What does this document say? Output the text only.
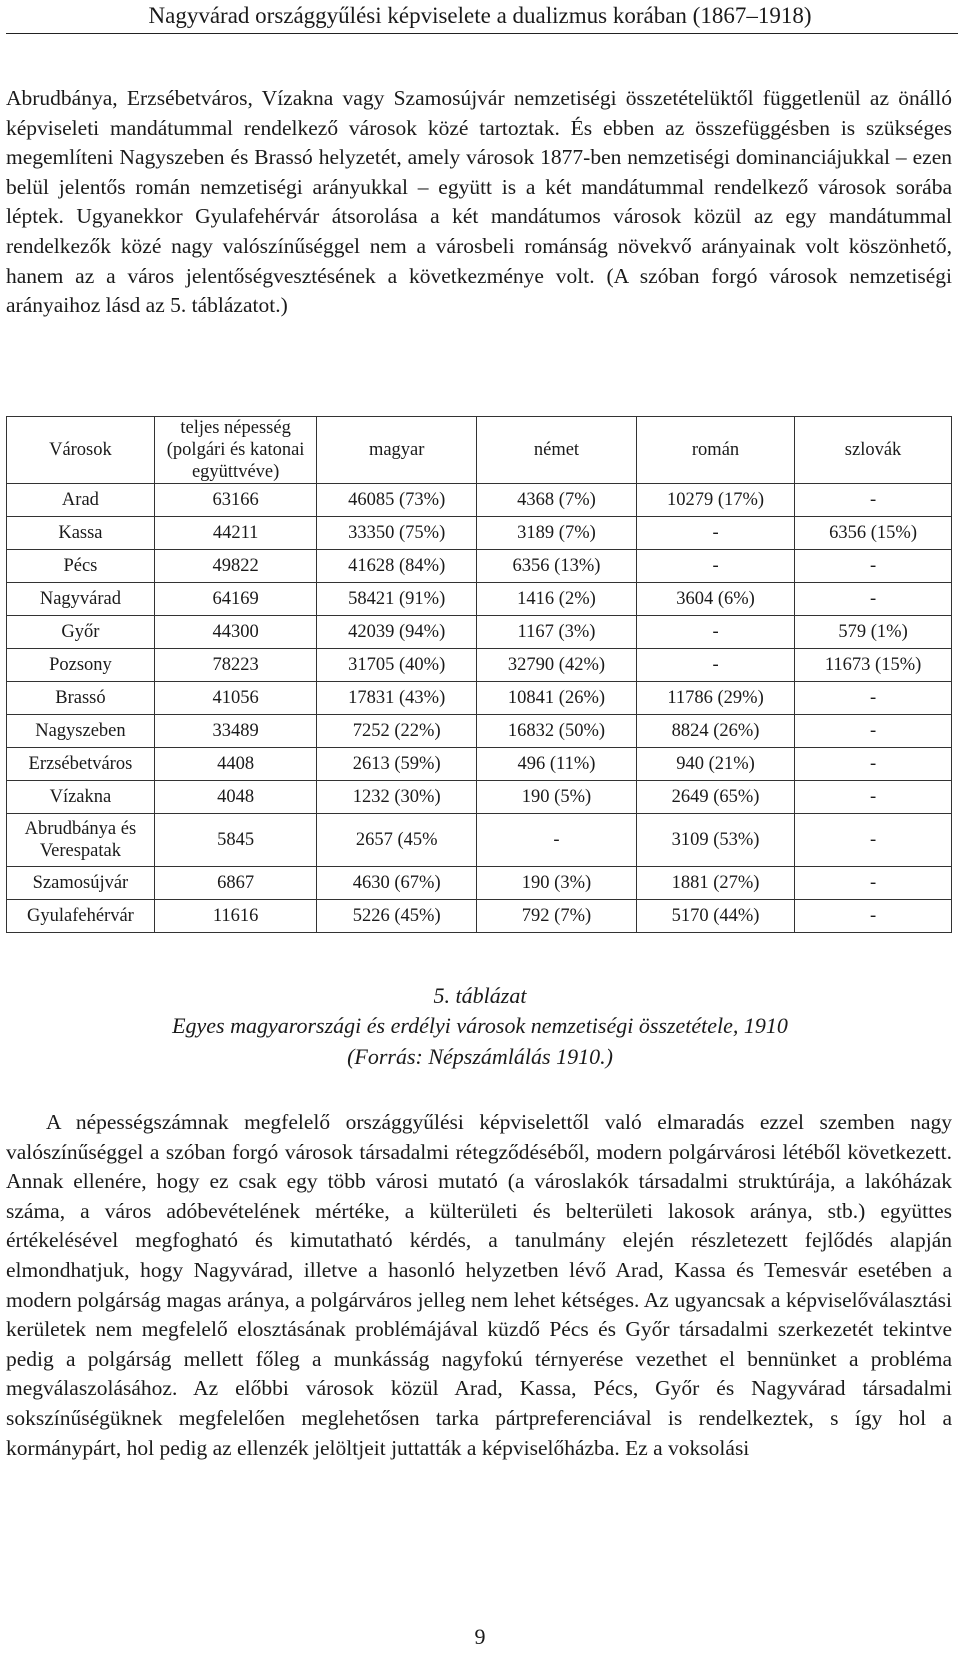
Nagyvárad országgyűlési képviselete a dualizmus korában (1867–1918)

Abrudbánya, Erzsébetváros, Vízakna vagy Szamosújvár nemzetiségi összetételüktől függetlenül az önálló képviseleti mandátummal rendelkező városok közé tartoztak. És ebben az összefüggésben is szükséges megemlíteni Nagyszeben és Brassó helyzetét, amely városok 1877-ben nemzetiségi dominanciájukkal – ezen belül jelentős román nemzetiségi arányukkal – együtt is a két mandátummal rendelkező városok sorába léptek. Ugyanekkor Gyulafehérvár átsorolása a két mandátumos városok közül az egy mandátummal rendelkezők közé nagy valószínűséggel nem a városbeli románság növekvő arányainak volt köszönhető, hanem az a város jelentőségvesztésének a következménye volt. (A szóban forgó városok nemzetiségi arányaihoz lásd az 5. táblázatot.)

Városok	teljes népesség (polgári és katonai együttvéve)	magyar	német	román	szlovák
Arad	63166	46085 (73%)	4368 (7%)	10279 (17%)	-
Kassa	44211	33350 (75%)	3189 (7%)	-	6356 (15%)
Pécs	49822	41628 (84%)	6356 (13%)	-	-
Nagyvárad	64169	58421 (91%)	1416 (2%)	3604 (6%)	-
Győr	44300	42039 (94%)	1167 (3%)	-	579 (1%)
Pozsony	78223	31705 (40%)	32790 (42%)	-	11673 (15%)
Brassó	41056	17831 (43%)	10841 (26%)	11786 (29%)	-
Nagyszeben	33489	7252 (22%)	16832 (50%)	8824 (26%)	-
Erzsébetváros	4408	2613 (59%)	496 (11%)	940 (21%)	-
Vízakna	4048	1232 (30%)	190 (5%)	2649 (65%)	-
Abrudbánya és Verespatak	5845	2657 (45%	-	3109 (53%)	-
Szamosújvár	6867	4630 (67%)	190 (3%)	1881 (27%)	-
Gyulafehérvár	11616	5226 (45%)	792 (7%)	5170 (44%)	-
5. táblázat
Egyes magyarországi és erdélyi városok nemzetiségi összetétele, 1910
(Forrás: Népszámlálás 1910.)

A népességszámnak megfelelő országgyűlési képviselettől való elmaradás ezzel szemben nagy valószínűséggel a szóban forgó városok társadalmi rétegződéséből, modern polgárvárosi létéből következett. Annak ellenére, hogy ez csak egy több városi mutató (a városlakók társadalmi struktúrája, a lakóházak száma, a város adóbevételének mértéke, a külterületi és belterületi lakosok aránya, stb.) együttes értékelésével megfogható és kimutatható kérdés, a tanulmány elején részletezett fejlődés alapján elmondhatjuk, hogy Nagyvárad, illetve a hasonló helyzetben lévő Arad, Kassa és Temesvár esetében a modern polgárság magas aránya, a polgárváros jelleg nem lehet kétséges. Az ugyancsak a képviselőválasztási kerületek nem megfelelő elosztásának problémájával küzdő Pécs és Győr társadalmi szerkezetét tekintve pedig a polgárság mellett főleg a munkásság nagyfokú térnyerése vezethet el bennünket a probléma megválaszolásához. Az előbbi városok közül Arad, Kassa, Pécs, Győr és Nagyvárad társadalmi sokszínűségüknek megfelelően meglehetősen tarka pártpreferenciával is rendelkeztek, s így hol a kormánypárt, hol pedig az ellenzék jelöltjeit juttatták a képviselőházba. Ez a voksolási

9
